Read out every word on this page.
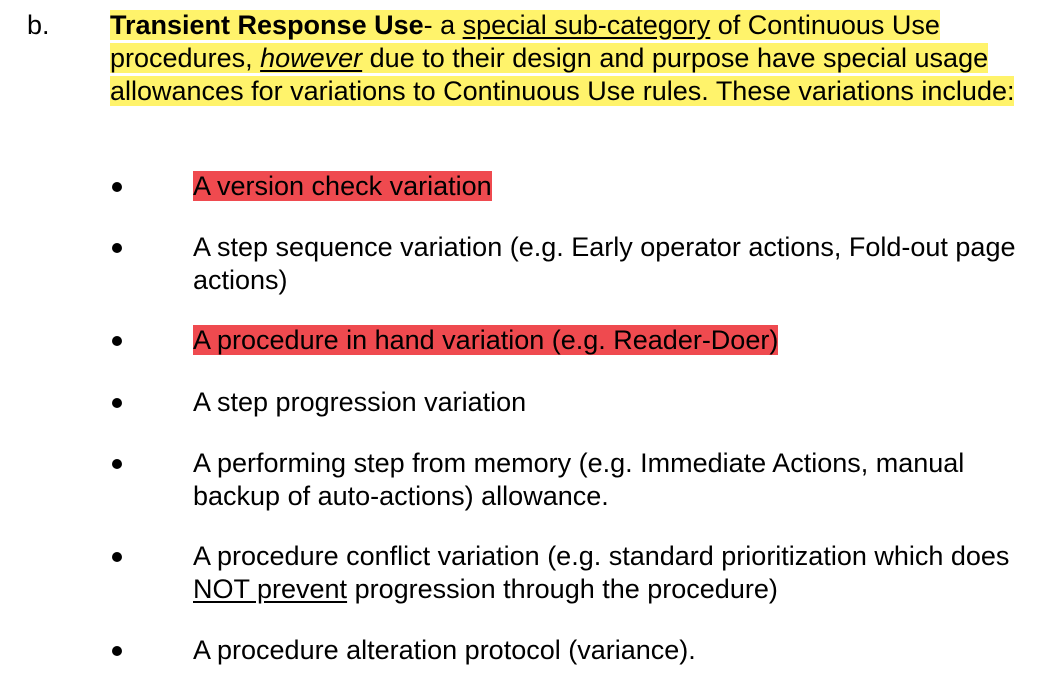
b. Transient Response Use- a special sub-category of Continuous Use procedures, however due to their design and purpose have special usage allowances for variations to Continuous Use rules. These variations include:
A version check variation
A step sequence variation (e.g. Early operator actions, Fold-out page actions)
A procedure in hand variation (e.g. Reader-Doer)
A step progression variation
A performing step from memory (e.g. Immediate Actions, manual backup of auto-actions) allowance.
A procedure conflict variation (e.g. standard prioritization which does NOT prevent progression through the procedure)
A procedure alteration protocol (variance).
